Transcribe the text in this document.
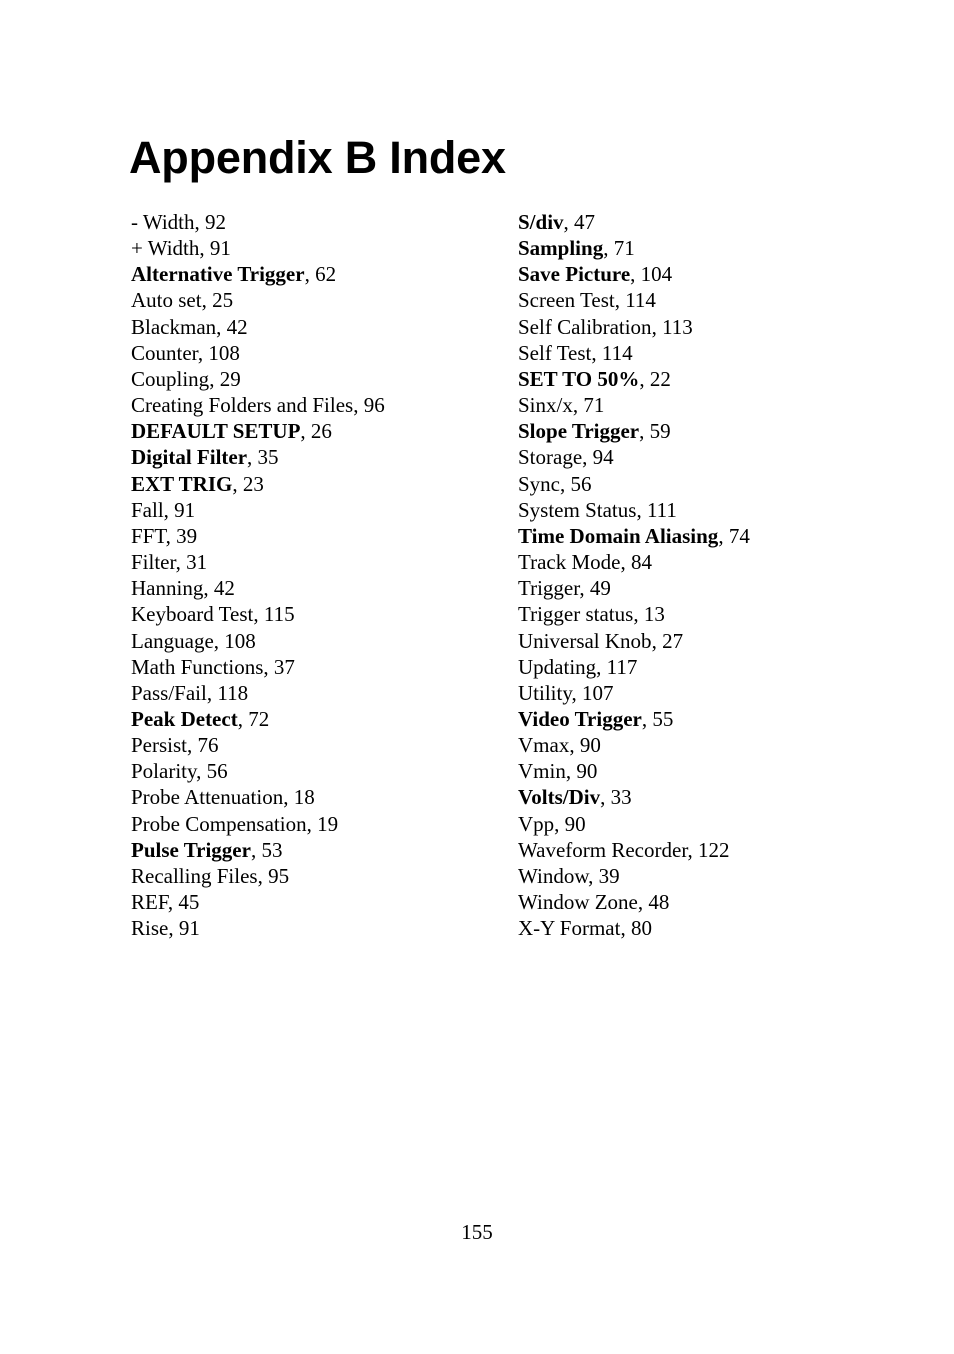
Appendix B Index
- Width, 92
+ Width, 91
Alternative Trigger, 62
Auto set, 25
Blackman, 42
Counter, 108
Coupling, 29
Creating Folders and Files, 96
DEFAULT SETUP, 26
Digital Filter, 35
EXT TRIG, 23
Fall, 91
FFT, 39
Filter, 31
Hanning, 42
Keyboard Test, 115
Language, 108
Math Functions, 37
Pass/Fail, 118
Peak Detect, 72
Persist, 76
Polarity, 56
Probe Attenuation, 18
Probe Compensation, 19
Pulse Trigger, 53
Recalling Files, 95
REF, 45
Rise, 91
S/div, 47
Sampling, 71
Save Picture, 104
Screen Test, 114
Self Calibration, 113
Self Test, 114
SET TO 50%, 22
Sinx/x, 71
Slope Trigger, 59
Storage, 94
Sync, 56
System Status, 111
Time Domain Aliasing, 74
Track Mode, 84
Trigger, 49
Trigger status, 13
Universal Knob, 27
Updating, 117
Utility, 107
Video Trigger, 55
Vmax, 90
Vmin, 90
Volts/Div, 33
Vpp, 90
Waveform Recorder, 122
Window, 39
Window Zone, 48
X-Y Format, 80
155
